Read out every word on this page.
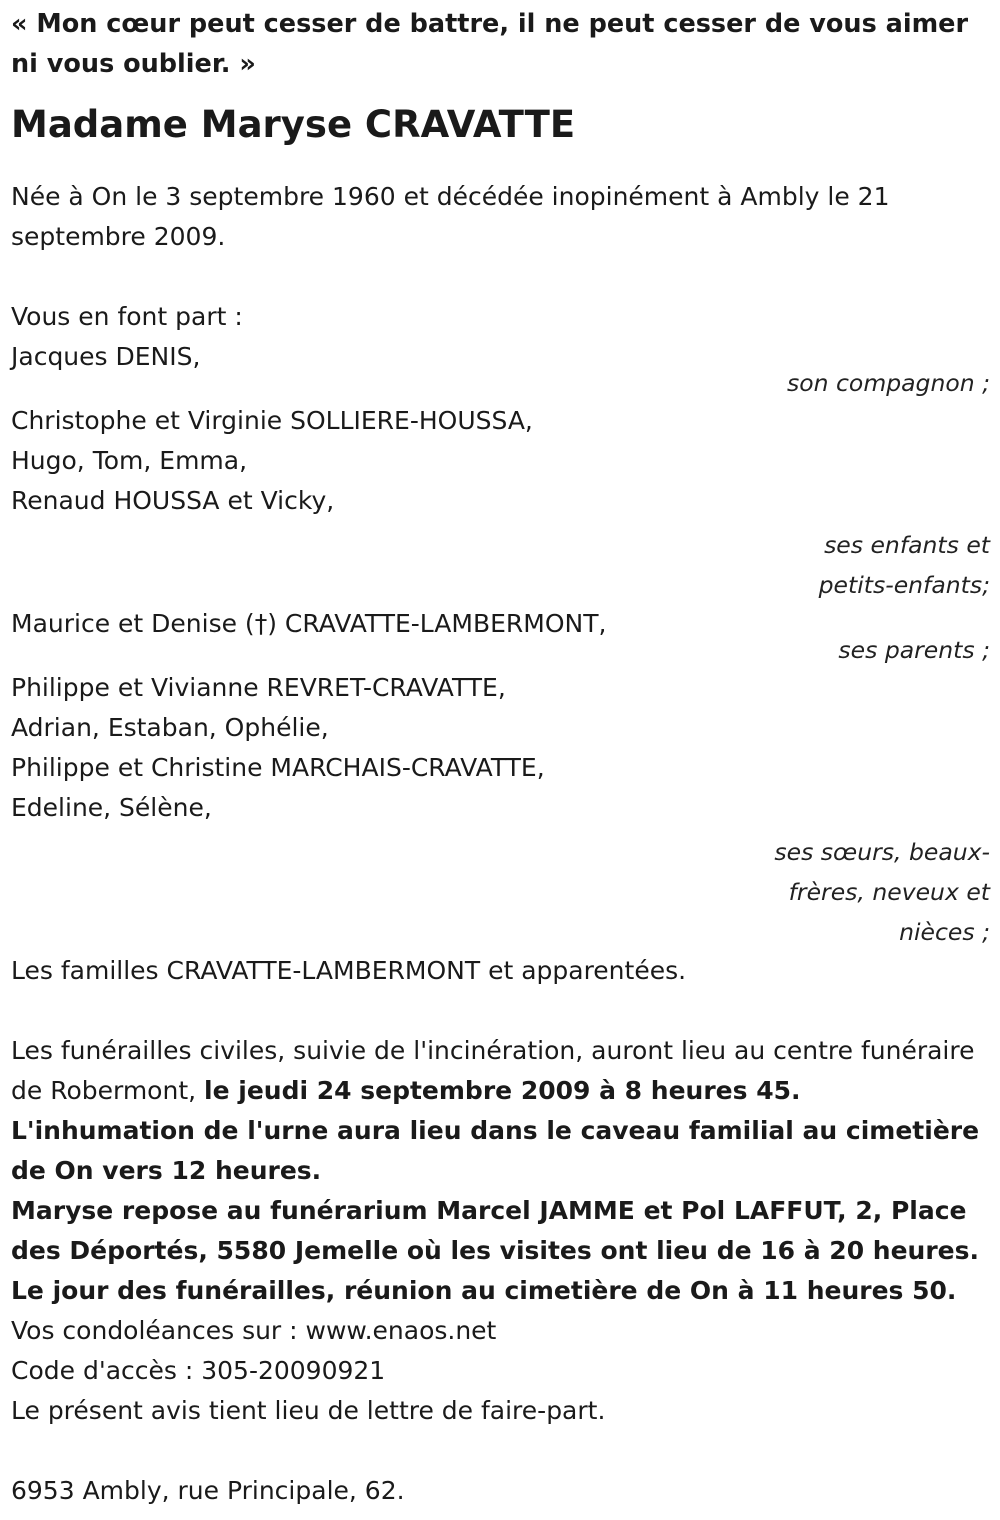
« Mon cœur peut cesser de battre, il ne peut cesser de vous aimer ni vous oublier. »

Madame Maryse CRAVATTE

Née à On le 3 septembre 1960 et décédée inopinément à Ambly le 21 septembre 2009.

Vous en font part :

Jacques DENIS,

son compagnon ;

Christophe et Virginie SOLLIERE-HOUSSA,

Hugo, Tom, Emma,

Renaud HOUSSA et Vicky,

ses enfants et petits-enfants;

Maurice et Denise (†) CRAVATTE-LAMBERMONT,

ses parents ;

Philippe et Vivianne REVRET-CRAVATTE,

Adrian, Estaban, Ophélie,

Philippe et Christine MARCHAIS-CRAVATTE,

Edeline, Sélène,

ses sœurs, beaux-frères, neveux et nièces ;

Les familles CRAVATTE-LAMBERMONT et apparentées.

Les funérailles civiles, suivie de l'incinération, auront lieu au centre funéraire de Robermont, le jeudi 24 septembre 2009 à 8 heures 45.

L'inhumation de l'urne aura lieu dans le caveau familial au cimetière de On vers 12 heures.

Maryse repose au funérarium Marcel JAMME et Pol LAFFUT, 2, Place des Déportés, 5580 Jemelle où les visites ont lieu de 16 à 20 heures.

Le jour des funérailles, réunion au cimetière de On à 11 heures 50.

Vos condoléances sur : www.enaos.net

Code d'accès : 305-20090921

Le présent avis tient lieu de lettre de faire-part.

6953 Ambly, rue Principale, 62.
